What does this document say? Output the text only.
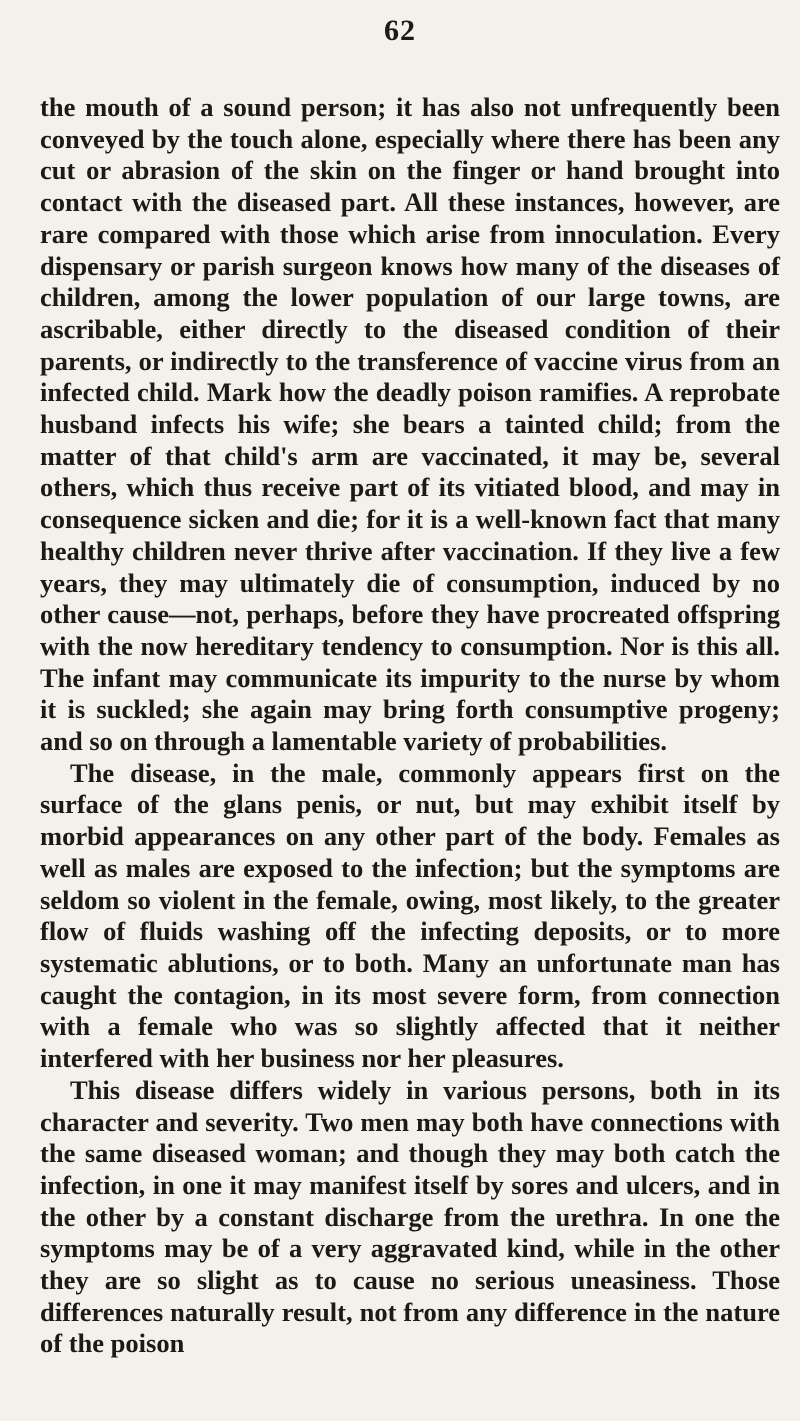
62

the mouth of a sound person; it has also not unfrequently been conveyed by the touch alone, especially where there has been any cut or abrasion of the skin on the finger or hand brought into contact with the diseased part. All these instances, however, are rare compared with those which arise from innoculation. Every dispensary or parish surgeon knows how many of the diseases of children, among the lower population of our large towns, are ascribable, either directly to the diseased condition of their parents, or indirectly to the transference of vaccine virus from an infected child. Mark how the deadly poison ramifies. A reprobate husband infects his wife; she bears a tainted child; from the matter of that child's arm are vaccinated, it may be, several others, which thus receive part of its vitiated blood, and may in consequence sicken and die; for it is a well-known fact that many healthy children never thrive after vaccination. If they live a few years, they may ultimately die of consumption, induced by no other cause—not, perhaps, before they have procreated offspring with the now hereditary tendency to consumption. Nor is this all. The infant may communicate its impurity to the nurse by whom it is suckled; she again may bring forth consumptive progeny; and so on through a lamentable variety of probabilities.

The disease, in the male, commonly appears first on the surface of the glans penis, or nut, but may exhibit itself by morbid appearances on any other part of the body. Females as well as males are exposed to the infection; but the symptoms are seldom so violent in the female, owing, most likely, to the greater flow of fluids washing off the infecting deposits, or to more systematic ablutions, or to both. Many an unfortunate man has caught the contagion, in its most severe form, from connection with a female who was so slightly affected that it neither interfered with her business nor her pleasures.

This disease differs widely in various persons, both in its character and severity. Two men may both have connections with the same diseased woman; and though they may both catch the infection, in one it may manifest itself by sores and ulcers, and in the other by a constant discharge from the urethra. In one the symptoms may be of a very aggravated kind, while in the other they are so slight as to cause no serious uneasiness. Those differences naturally result, not from any difference in the nature of the poison
